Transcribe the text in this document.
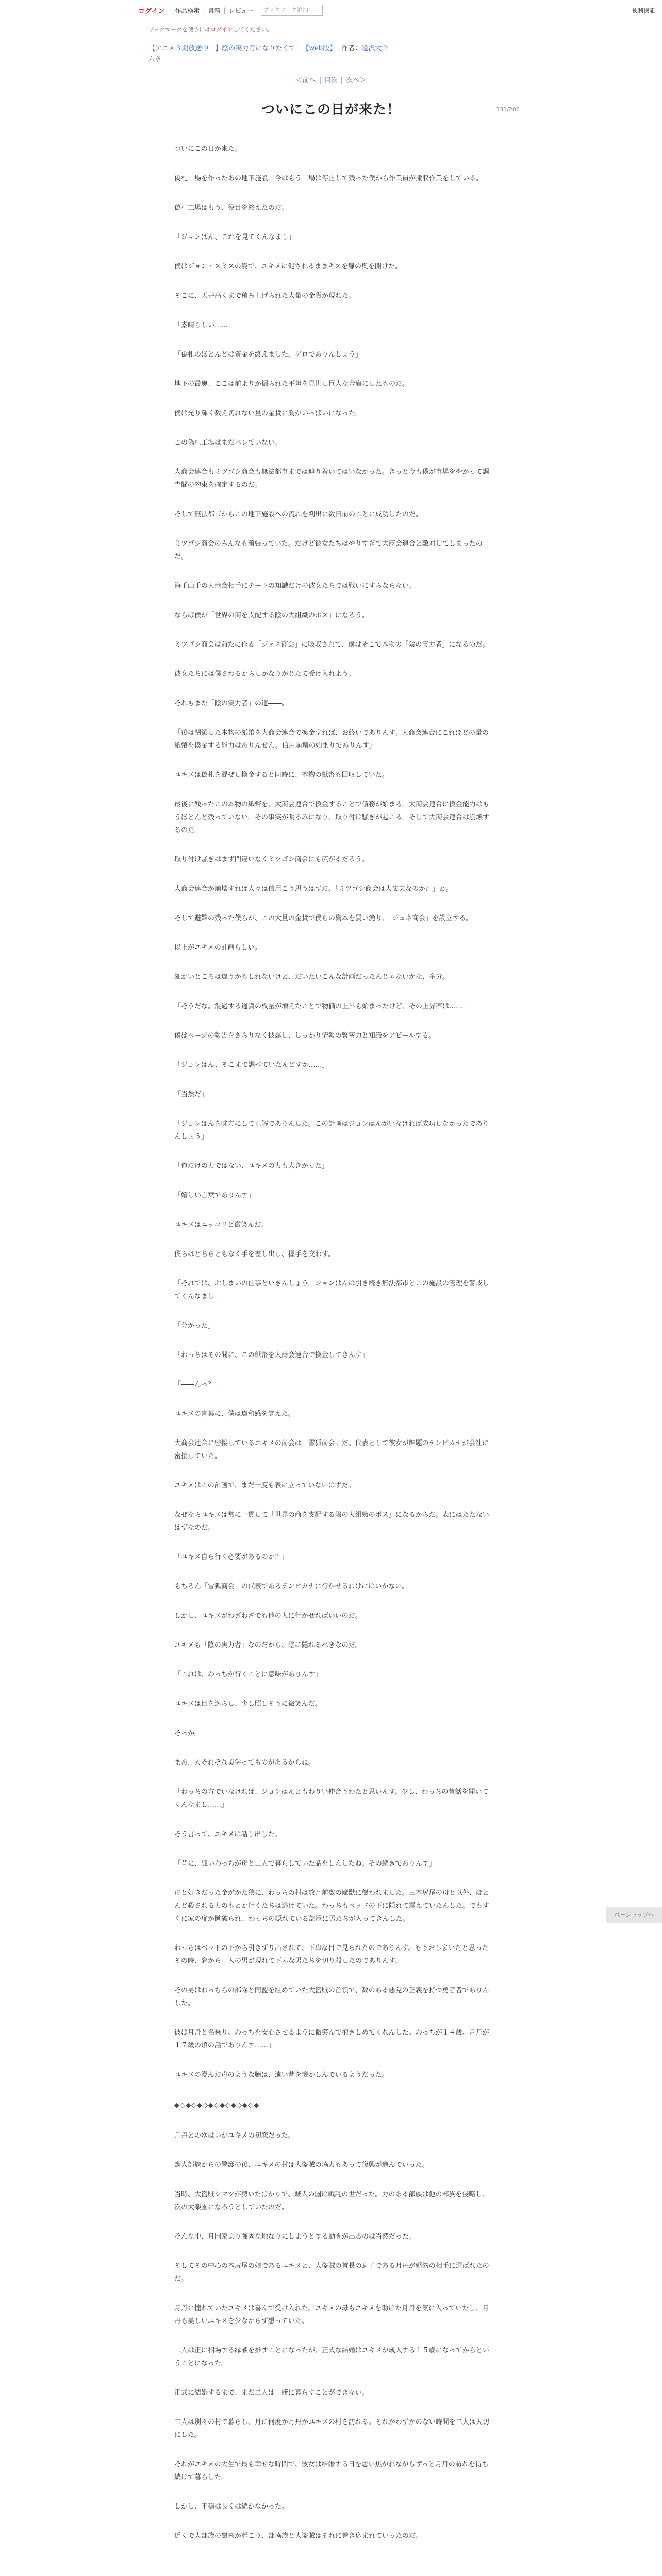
ログイン | 作品検索 | 書籍 | レビュー	ブックマーク追加	便利機能
ブックマークを使うにはログインしてください。
【アニメ３期放送中！】陰の実力者になりたくて！【web版】 作者：逢沢大介
六章
＜前へ | 目次 | 次へ＞
131/206
ついにこの日が来た！

ついにこの日が来た。

偽札工場を作ったあの地下施設。今はもう工場は停止して残った僕から作業員が撤収作業をしている。

偽札工場はもう、役目を終えたのだ。

「ジョンはん、これを見てくんなまし」

僕はジョン・スミスの姿で、ユキメに促されるままキスを扉の奥を開けた。

そこに、天井高くまで積み上げられた大量の金貨が現れた。

「素晴らしい……」

「偽札のほとんどは資金を終えました。ゲロでありんしょう」

地下の最奥、ここは前よりが掘られた平坦を見世し巨大な金庫にしたものだ。

僕は光り輝く数え切れない量の金貨に胸がいっぱいになった。

この偽札工場はまだバレていない。

大商会連合もミツゴシ商会も無法都市までは辿り着いてはいなかった。きっと今も僕が市場をやがって調査間の約束を確定するのだ。

そして無法都市からこの地下施設への流れを判出に数日前のことに成功したのだ。

ミツゴシ商会のみんなも頑張っていた。だけど彼女たちはやりすぎて大商会連合と敵対してしまったのだ。

海千山千の大商会相手にチートの知識だけの彼女たちでは戦いにすらならない。

ならば僕が「世界の商を支配する陰の大組織のボス」になろう。

ミツゴシ商会は前たに作る「ジェネ商会」に吸収されて、僕はそこで本物の「陰の実力者」になるのだ。

彼女たちには僕さわるからしかなりがじたて受け入れよう。

それもまた「陰の実力者」の道――。

「後は閉鎖した本物の紙幣を大商会連合で換金すれば、お終いでありんす。大商会連合にこれほどの量の紙幣を換金する能力はありんせん。信用崩壊の始まりでありんす」

ユキメは偽札を混ぜし換金すると同時に、本物の紙幣も回収していた。

最後に残ったこの本物の紙幣を、大商会連合で換金することで債務が始まる。大商会連合に換金能力はもうほとんど残っていない。その事実が明るみになり、取り付け騒ぎが起こる。そして大商会連合は崩壊するのだ。

取り付け騒ぎはまず間違いなくミツゴシ商会にも広がるだろう。

大商会連合が崩壊すれば人々は信用こう思うはずだ。「ミツゴシ商会は大丈夫なのか？」と。

そして避難の残った僕らが、この大量の金貨で僕らの資本を買い漁り、「ジェネ商会」を設立する。

以上がユキメの計画らしい。

細かいところは違うかもしれないけど、だいたいこんな計画だったんじゃないかな、多分。

「そうだな。混過する通貨の枚量が増えたことで物価の上昇も始まったけど、その上昇率は……」

僕はページの報告をさらりなく披露し、しっかり情報の緊密力と知識をアピールする。

「ジョンはん、そこまで調べていたんどすか……」

「当然だ」

「ジョンはんを味方にして正解でありんした。この計画はジョンはんがいなければ成功しなかったでありんしょう」

「俺だけの力ではない、ユキメの力も大きかった」

「嬉しい言葉でありんす」

ユキメはニッコリと微笑んだ。

僕らはどちらともなく手を差し出し、握手を交わす。

「それでは、おしまいの仕事といきんしょう。ジョンはんは引き続き無法都市とこの施設の管理を警戒してくんなまし」

「分かった」

「わっちはその間に、この紙幣を大商会連合で換金してきんす」

「――んっ？」

ユキメの言葉に、僕は違和感を覚えた。

大商会連合に密接しているユキメの商会は「雪狐商会」だ。代表として彼女が紳題のテンピカナが会社に密接していた。

ユキメはこの計画で、まだ一度も表に立っていないはずだ。

なぜならユキメは常に一貫して「世界の商を支配する陰の大組織のボス」になるからだ。表にはたたないはずなのだ。

「ユキメ自ら行く必要があるのか？」

もちろん「雪狐商会」の代表であるテンピカナに行かせるわけにはいかない。

しかし、ユキメがわざわざでも他の人に行かせればいいのだ。

ユキメも「陰の実力者」なのだから、陰に隠れるべきなのだ。

「これは、わっちが行くことに意味がありんす」

ユキメは目を逸らし、少し照しそうに微笑んだ。

そっか。

まあ、人それぞれ美学ってものがあるからね。

「わっちの方でいなければ、ジョンはんともわりい仲合うわたと思いんす。少し、わっちの昔話を聞いてくんなまし……」

そう言って、ユキメは話し出した。

「昔に、狐いわっちが母と二人で暮らしていた話をしんしたね。その続きでありんす」

母と好きだった金がかた狭に、わっちの村は数月前数の魔獣に襲われました。三本尻尾の母と以外、ほとんど殺される力のもとか行くたちは逃げていた。わっちもベッドの下に隠れて震えていたんした。でもすぐに家の扉が蹴破られ、わっちの隠れている部屋に男たちが入ってきんした。

わっちはベッドの下から引きずり出されて、下卑な目で見られたのでありんす。もうおしまいだと思ったその時、窓から一人の男が現れて下卑な男たちを切り殺したのでありんす。

その男はわっちらの部隊と同盟を組めていた大盗賊の首領で、数のある悪党の正義を持つ勇者者でありんした。

彼は月丹と名乗り、わっちを安心させるように微笑んで抱きしめてくれんした。わっちが１４歳、月丹が１７歳の頃の話でありんす……」

ユキメの澄んだ声のような聴は、遠い昔を懐かしんでいるようだった。

◆◇◆◇◆◇◆◇◆◇◆◇◆◇◆

月丹とのゆはいがユキメの初恋だった。

獣人部族からの警護の後、ユキメの村は大盗賊の協力もあって復興が進んでいった。

当時、大盗賊シマツが勢いたばかりで、賊人の国は戦乱の世だった。力のある部族は他の部族を侵略し、次の大楽園になろうとしていたのだ。

そんな中、月国家より強固な地なりにしようとする動きが出るのは当然だった。

そしてその中心の本尻尾の娘であるユキメと、大盗賊の首長の息子である月丹が婚約の相手に選ばれたのだ。

月丹に憧れていたユキメは喜んで受け入れた。ユキメの母もユキメを助けた月丹を気に入っていたし、月丹も美しいユキメを少なからず想っていた。

二人は正に相場する縁談を推すことになったが、正式な結婚はユキメが成人する１５歳になってからということになった。

正式に結婚するまで、まだ二人は一緒に暮らすことができない。

二人は別々の村で暮らし、月に何度か月丹がユキメの村を訪れる。それがわずかのない時間を二人は大切にした。

それがユキメの大生で最も幸せな時間で、彼女は結婚する日を思い焦がれながらずっと月丹の訪れを待ち続けて暮らした。

しかし、平穏は長くは続かなかった。

近くで大部族の襲来が起こり、部協族と大盗賊はそれに巻き込まれていったのだ。

ページトップへ
